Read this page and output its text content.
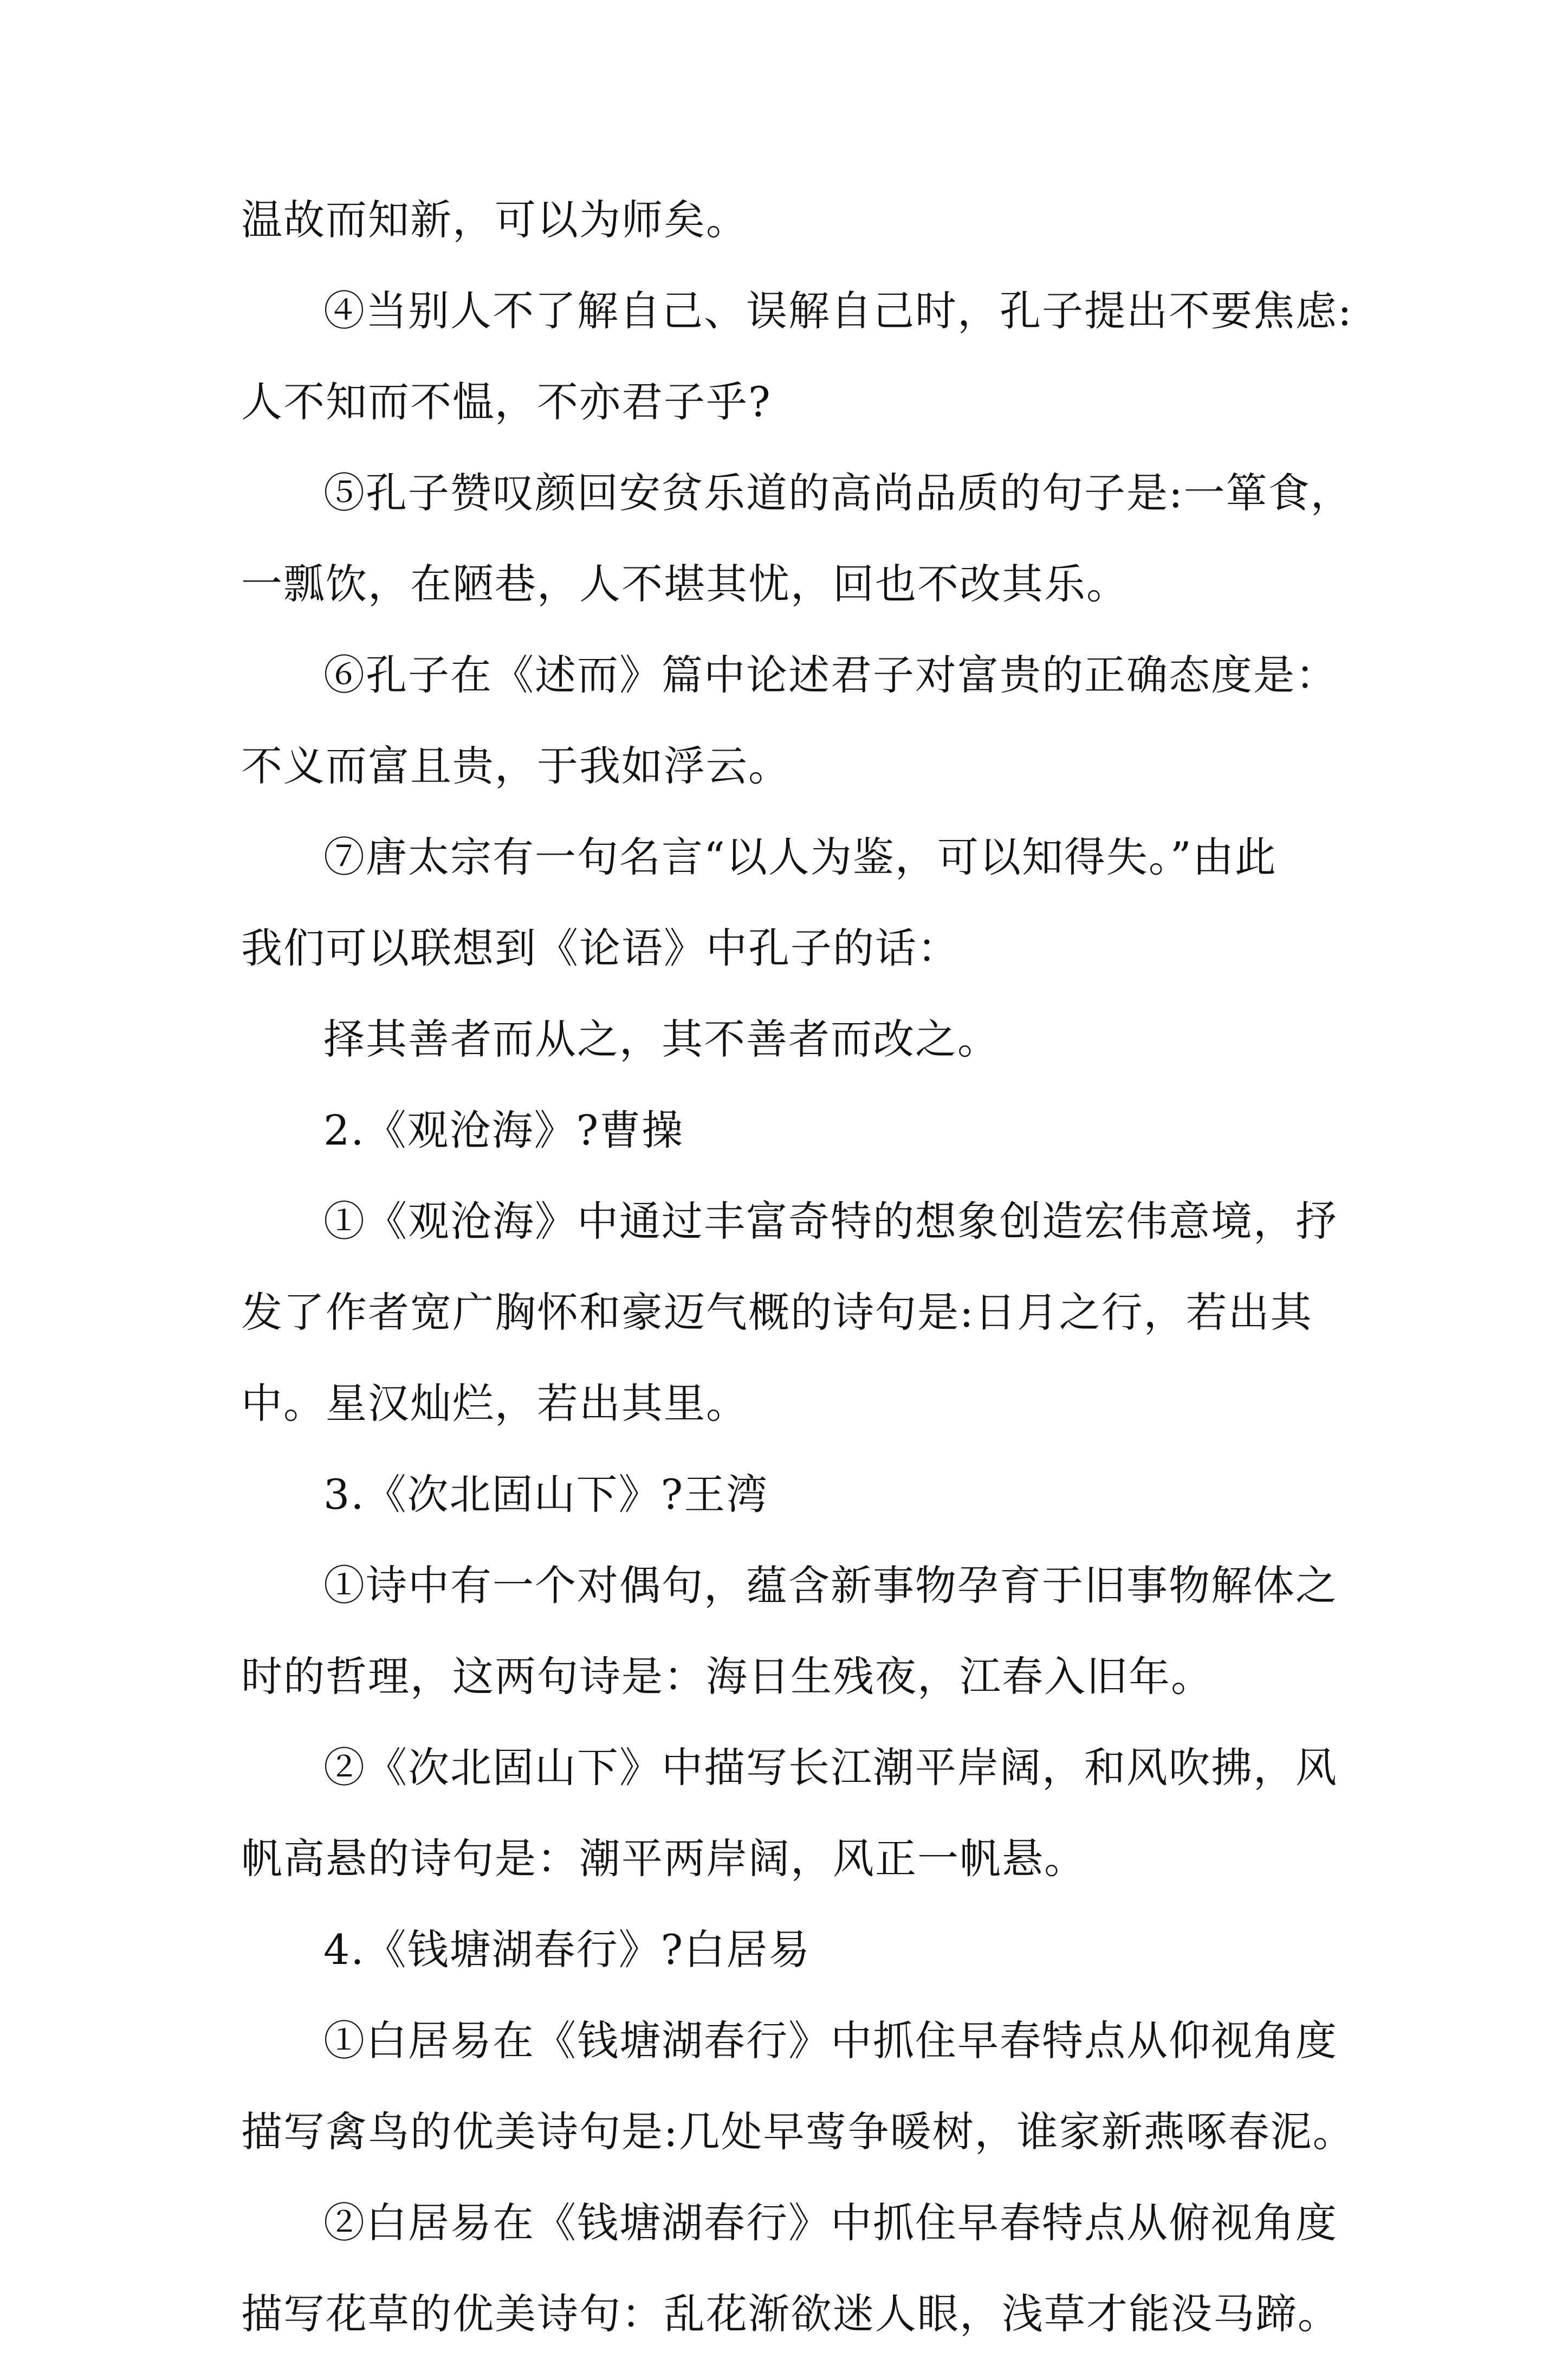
温故而知新，可以为师矣。
④当别人不了解自己、误解自己时，孔子提出不要焦虑:
人不知而不愠，不亦君子乎?
⑤孔子赞叹颜回安贫乐道的高尚品质的句子是:一箪食，
一瓢饮，在陋巷，人不堪其忧，回也不改其乐。
⑥孔子在《述而》篇中论述君子对富贵的正确态度是：
不义而富且贵，于我如浮云。
⑦唐太宗有一句名言“以人为鉴，可以知得失。”由此
我们可以联想到《论语》中孔子的话：
择其善者而从之，其不善者而改之。
2.《观沧海》?曹操
①《观沧海》中通过丰富奇特的想象创造宏伟意境，抒
发了作者宽广胸怀和豪迈气概的诗句是:日月之行，若出其
中。星汉灿烂，若出其里。
3.《次北固山下》?王湾
①诗中有一个对偶句，蕴含新事物孕育于旧事物解体之
时的哲理，这两句诗是：海日生残夜，江春入旧年。
②《次北固山下》中描写长江潮平岸阔，和风吹拂，风
帆高悬的诗句是：潮平两岸阔，风正一帆悬。
4.《钱塘湖春行》?白居易
①白居易在《钱塘湖春行》中抓住早春特点从仰视角度
描写禽鸟的优美诗句是:几处早莺争暖树，谁家新燕啄春泥。
②白居易在《钱塘湖春行》中抓住早春特点从俯视角度
描写花草的优美诗句：乱花渐欲迷人眼，浅草才能没马蹄。
